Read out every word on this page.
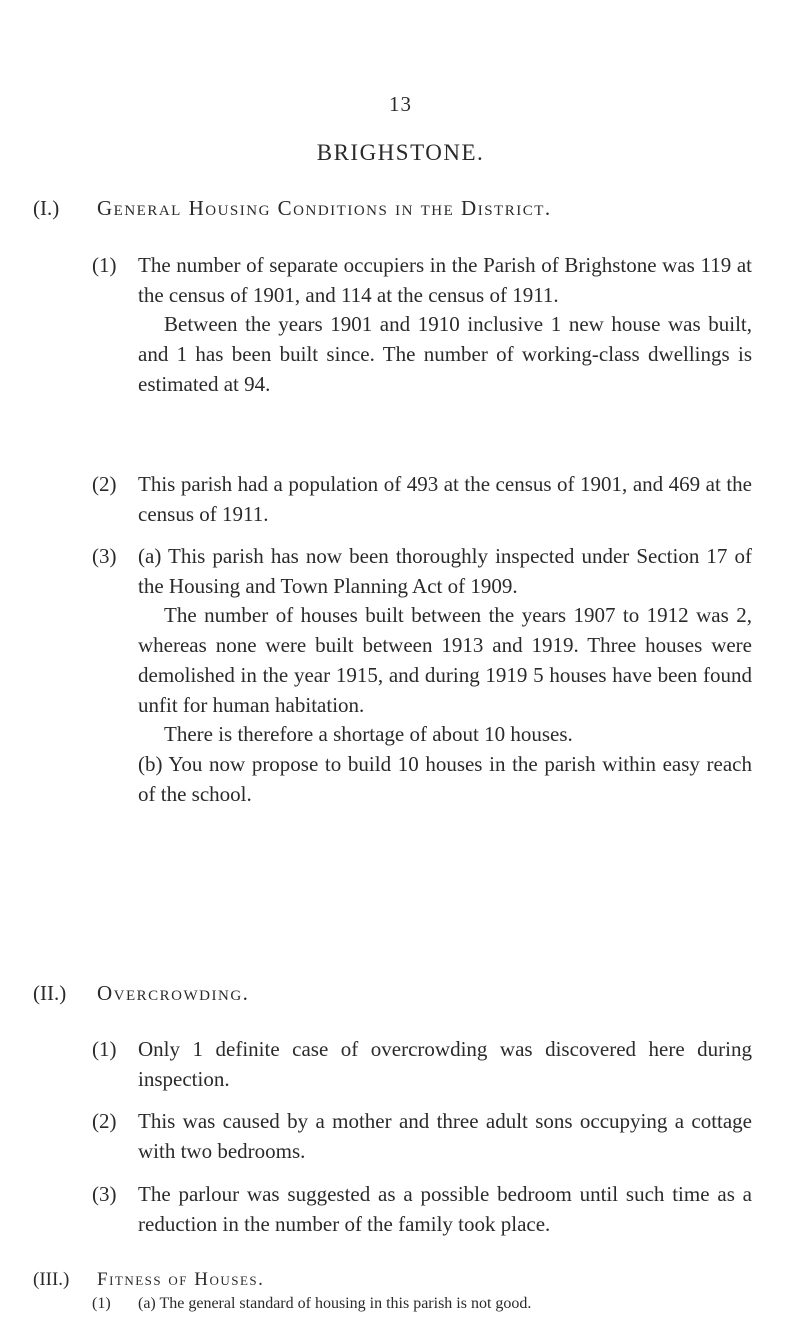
13
BRIGHSTONE.
(I.) General Housing Conditions in the District.
(1) The number of separate occupiers in the Parish of Brighstone was 119 at the census of 1901, and 114 at the census of 1911.
Between the years 1901 and 1910 inclusive 1 new house was built, and 1 has been built since. The number of working-class dwellings is estimated at 94.
(2) This parish had a population of 493 at the census of 1901, and 469 at the census of 1911.
(3) (a) This parish has now been thoroughly inspected under Section 17 of the Housing and Town Planning Act of 1909.
The number of houses built between the years 1907 to 1912 was 2, whereas none were built between 1913 and 1919. Three houses were demolished in the year 1915, and during 1919 5 houses have been found unfit for human habitation.
There is therefore a shortage of about 10 houses.
(b) You now propose to build 10 houses in the parish within easy reach of the school.
(II.) Overcrowding.
(1) Only 1 definite case of overcrowding was discovered here during inspection.
(2) This was caused by a mother and three adult sons occupying a cottage with two bedrooms.
(3) The parlour was suggested as a possible bedroom until such time as a reduction in the number of the family took place.
(III.) Fitness of Houses.
(1) (a) The general standard of housing in this parish is not good.
